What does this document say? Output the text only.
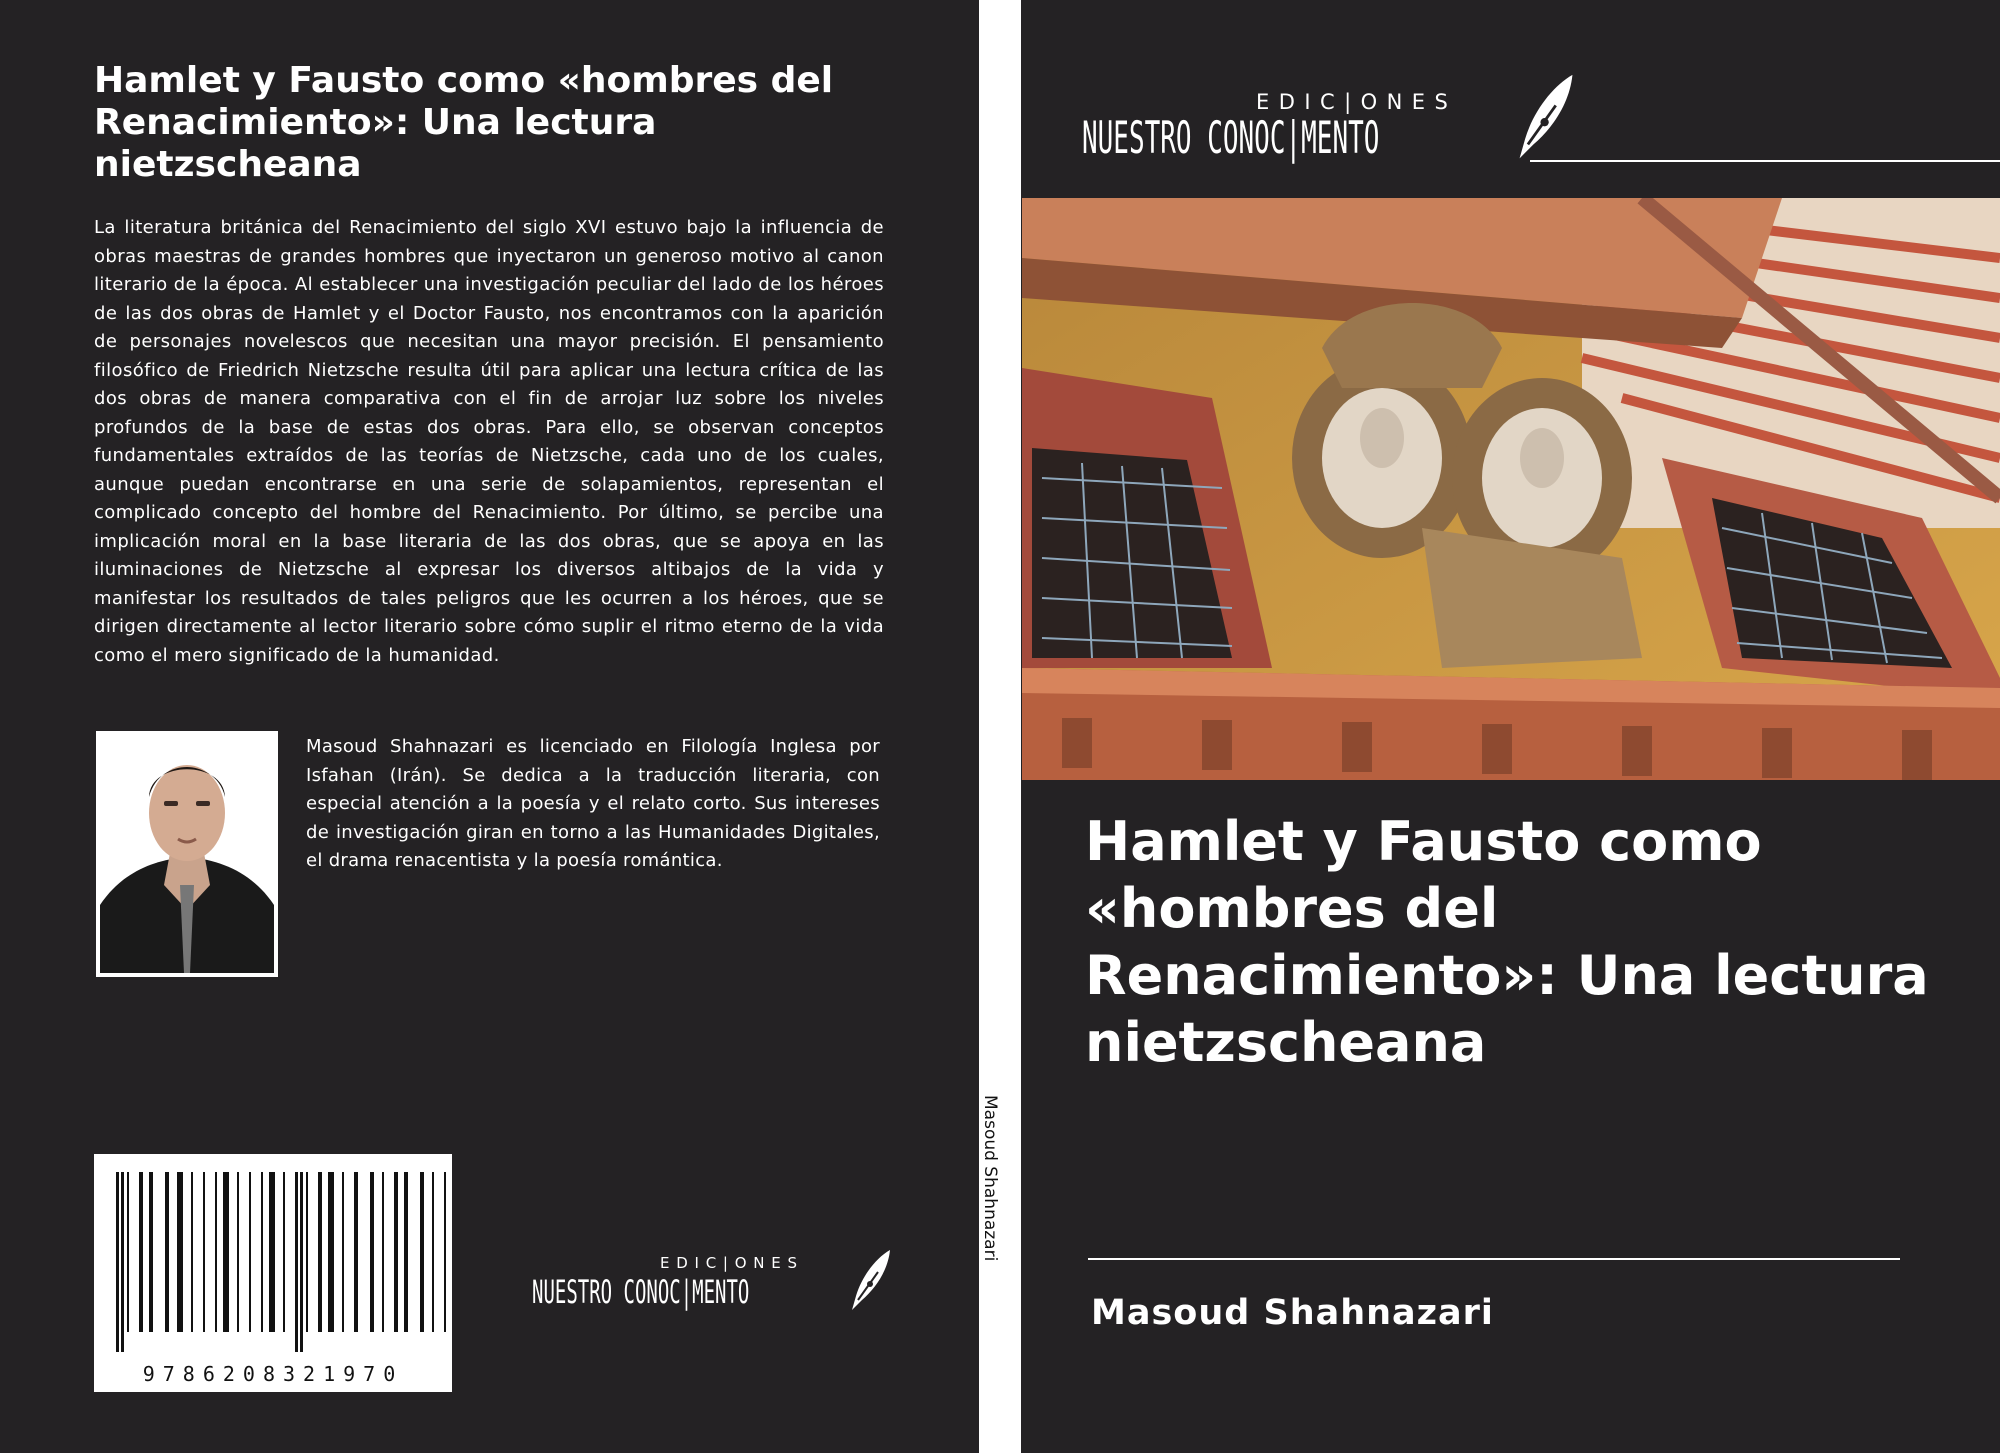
Hamlet y Fausto como «hombres del Renacimiento»: Una lectura nietzscheana

La literatura británica del Renacimiento del siglo XVI estuvo bajo la influencia de obras maestras de grandes hombres que inyectaron un generoso motivo al canon literario de la época. Al establecer una investigación peculiar del lado de los héroes de las dos obras de Hamlet y el Doctor Fausto, nos encontramos con la aparición de personajes novelescos que necesitan una mayor precisión. El pensamiento filosófico de Friedrich Nietzsche resulta útil para aplicar una lectura crítica de las dos obras de manera comparativa con el fin de arrojar luz sobre los niveles profundos de la base de estas dos obras. Para ello, se observan conceptos fundamentales extraídos de las teorías de Nietzsche, cada uno de los cuales, aunque puedan encontrarse en una serie de solapamientos, representan el complicado concepto del hombre del Renacimiento. Por último, se percibe una implicación moral en la base literaria de las dos obras, que se apoya en las iluminaciones de Nietzsche al expresar los diversos altibajos de la vida y manifestar los resultados de tales peligros que les ocurren a los héroes, que se dirigen directamente al lector literario sobre cómo suplir el ritmo eterno de la vida como el mero significado de la humanidad.

Masoud Shahnazari es licenciado en Filología Inglesa por Isfahan (Irán). Se dedica a la traducción literaria, con especial atención a la poesía y el relato corto. Sus intereses de investigación giran en torno a las Humanidades Digitales, el drama renacentista y la poesía romántica.

9786208321970
EDIC|ONES
NUESTRO CONOC|MENTO
Masoud Shahnazari
EDIC|ONES
NUESTRO CONOC|MENTO
Hamlet y Fausto como «hombres del Renacimiento»: Una lectura nietzscheana
Masoud Shahnazari
